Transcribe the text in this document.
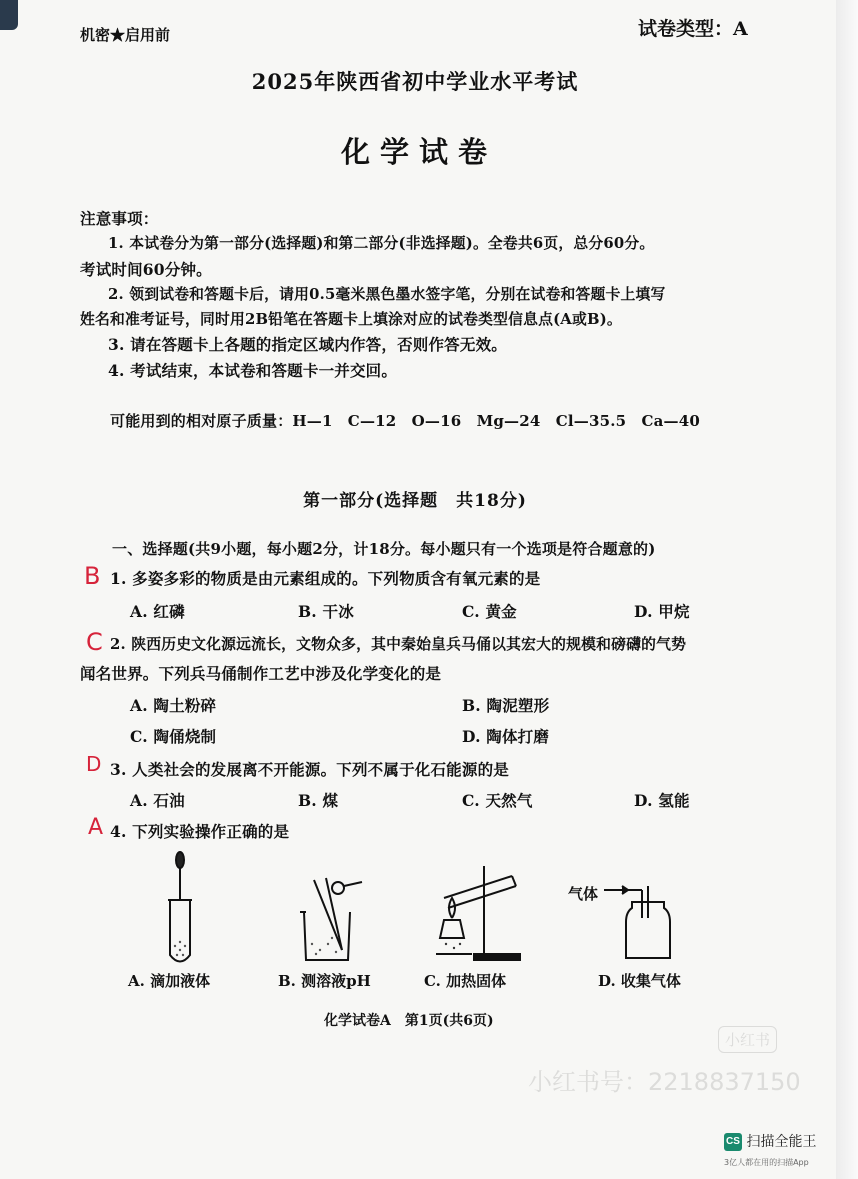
机密★启用前	试卷类型：A
2025年陕西省初中学业水平考试
化学试卷
注意事项：
1. 本试卷分为第一部分(选择题)和第二部分(非选择题)。全卷共6页，总分60分。
考试时间60分钟。
2. 领到试卷和答题卡后，请用0.5毫米黑色墨水签字笔，分别在试卷和答题卡上填写
姓名和准考证号，同时用2B铅笔在答题卡上填涂对应的试卷类型信息点(A或B)。
3. 请在答题卡上各题的指定区域内作答，否则作答无效。
4. 考试结束，本试卷和答题卡一并交回。
可能用到的相对原子质量：H—1　C—12　O—16　Mg—24　Cl—35.5　Ca—40
第一部分(选择题　共18分)
一、选择题(共9小题，每小题2分，计18分。每小题只有一个选项是符合题意的)
B 1. 多姿多彩的物质是由元素组成的。下列物质含有氧元素的是
A. 红磷	B. 干冰	C. 黄金	D. 甲烷
C 2. 陕西历史文化源远流长，文物众多，其中秦始皇兵马俑以其宏大的规模和磅礴的气势
闻名世界。下列兵马俑制作工艺中涉及化学变化的是
A. 陶土粉碎	B. 陶泥塑形
C. 陶俑烧制	D. 陶体打磨
D 3. 人类社会的发展离不开能源。下列不属于化石能源的是
A. 石油	B. 煤	C. 天然气	D. 氢能
A 4. 下列实验操作正确的是
气体
A. 滴加液体	B. 测溶液pH	C. 加热固体	D. 收集气体
化学试卷A　第1页(共6页)
小红书
小红书号：2218837150
CS 扫描全能王
3亿人都在用的扫描App
